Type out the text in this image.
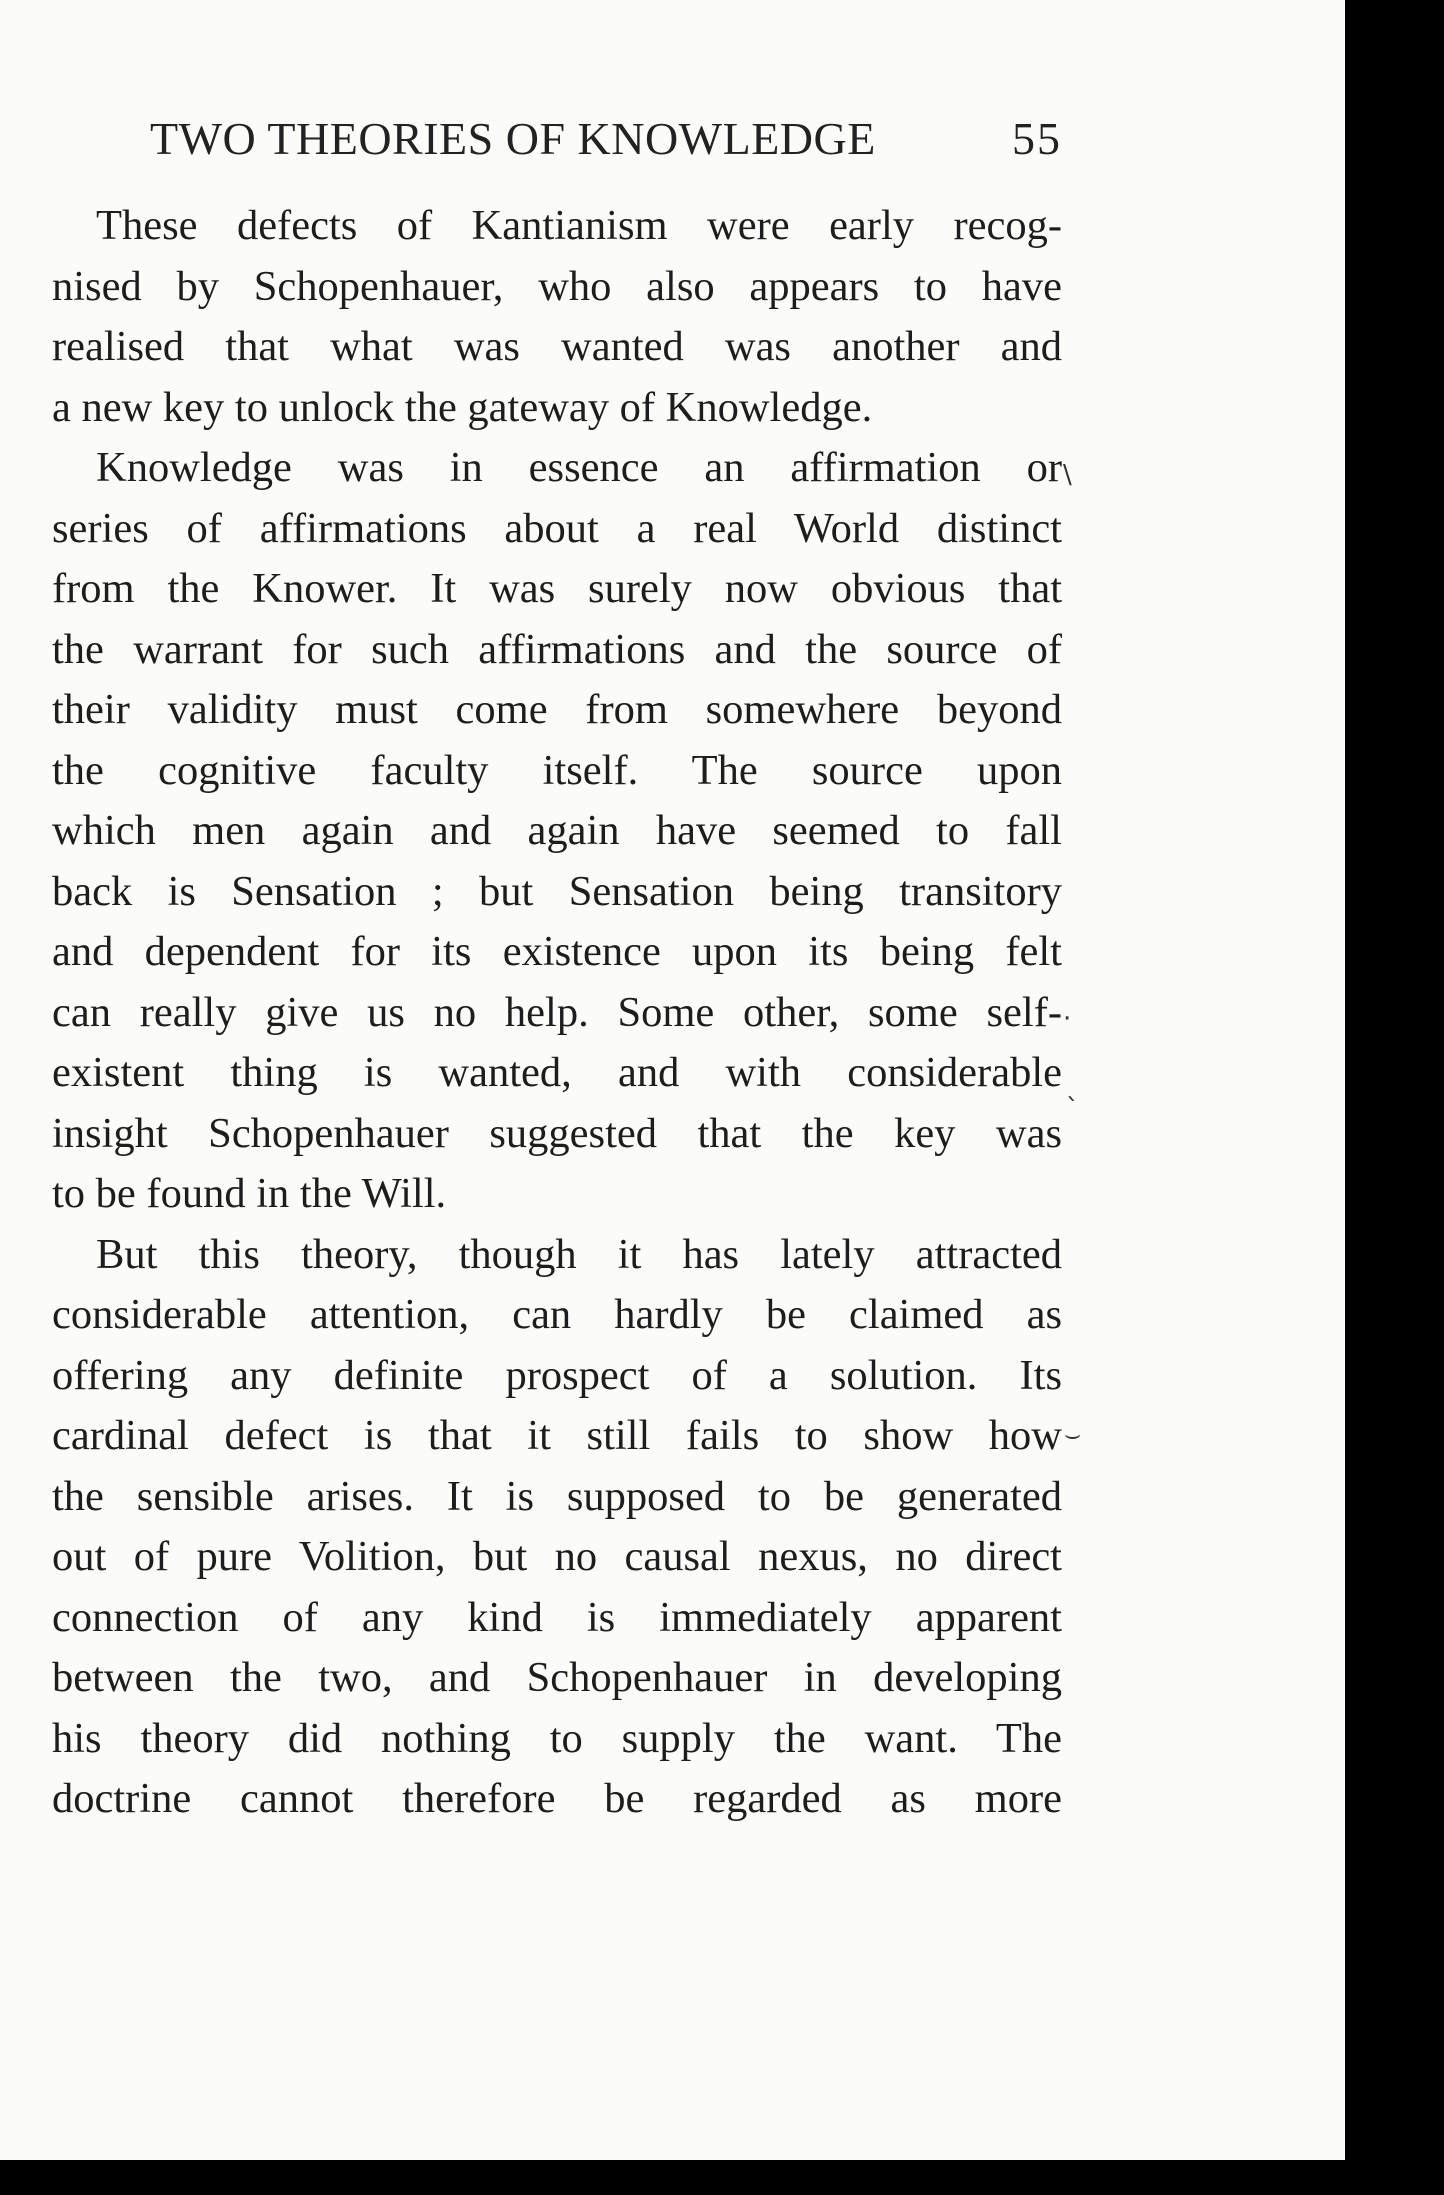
TWO THEORIES OF KNOWLEDGE	55
These defects of Kantianism were early recog-
nised by Schopenhauer, who also appears to have
realised that what was wanted was another and
a new key to unlock the gateway of Knowledge.
Knowledge was in essence an affirmation or
series of affirmations about a real World distinct
from the Knower. It was surely now obvious that
the warrant for such affirmations and the source of
their validity must come from somewhere beyond
the cognitive faculty itself. The source upon
which men again and again have seemed to fall
back is Sensation ; but Sensation being transitory
and dependent for its existence upon its being felt
can really give us no help. Some other, some self-
existent thing is wanted, and with considerable
insight Schopenhauer suggested that the key was
to be found in the Will.
But this theory, though it has lately attracted
considerable attention, can hardly be claimed as
offering any definite prospect of a solution. Its
cardinal defect is that it still fails to show how
the sensible arises. It is supposed to be generated
out of pure Volition, but no causal nexus, no direct
connection of any kind is immediately apparent
between the two, and Schopenhauer in developing
his theory did nothing to supply the want. The
doctrine cannot therefore be regarded as more
\
·
ˋ
⌣
